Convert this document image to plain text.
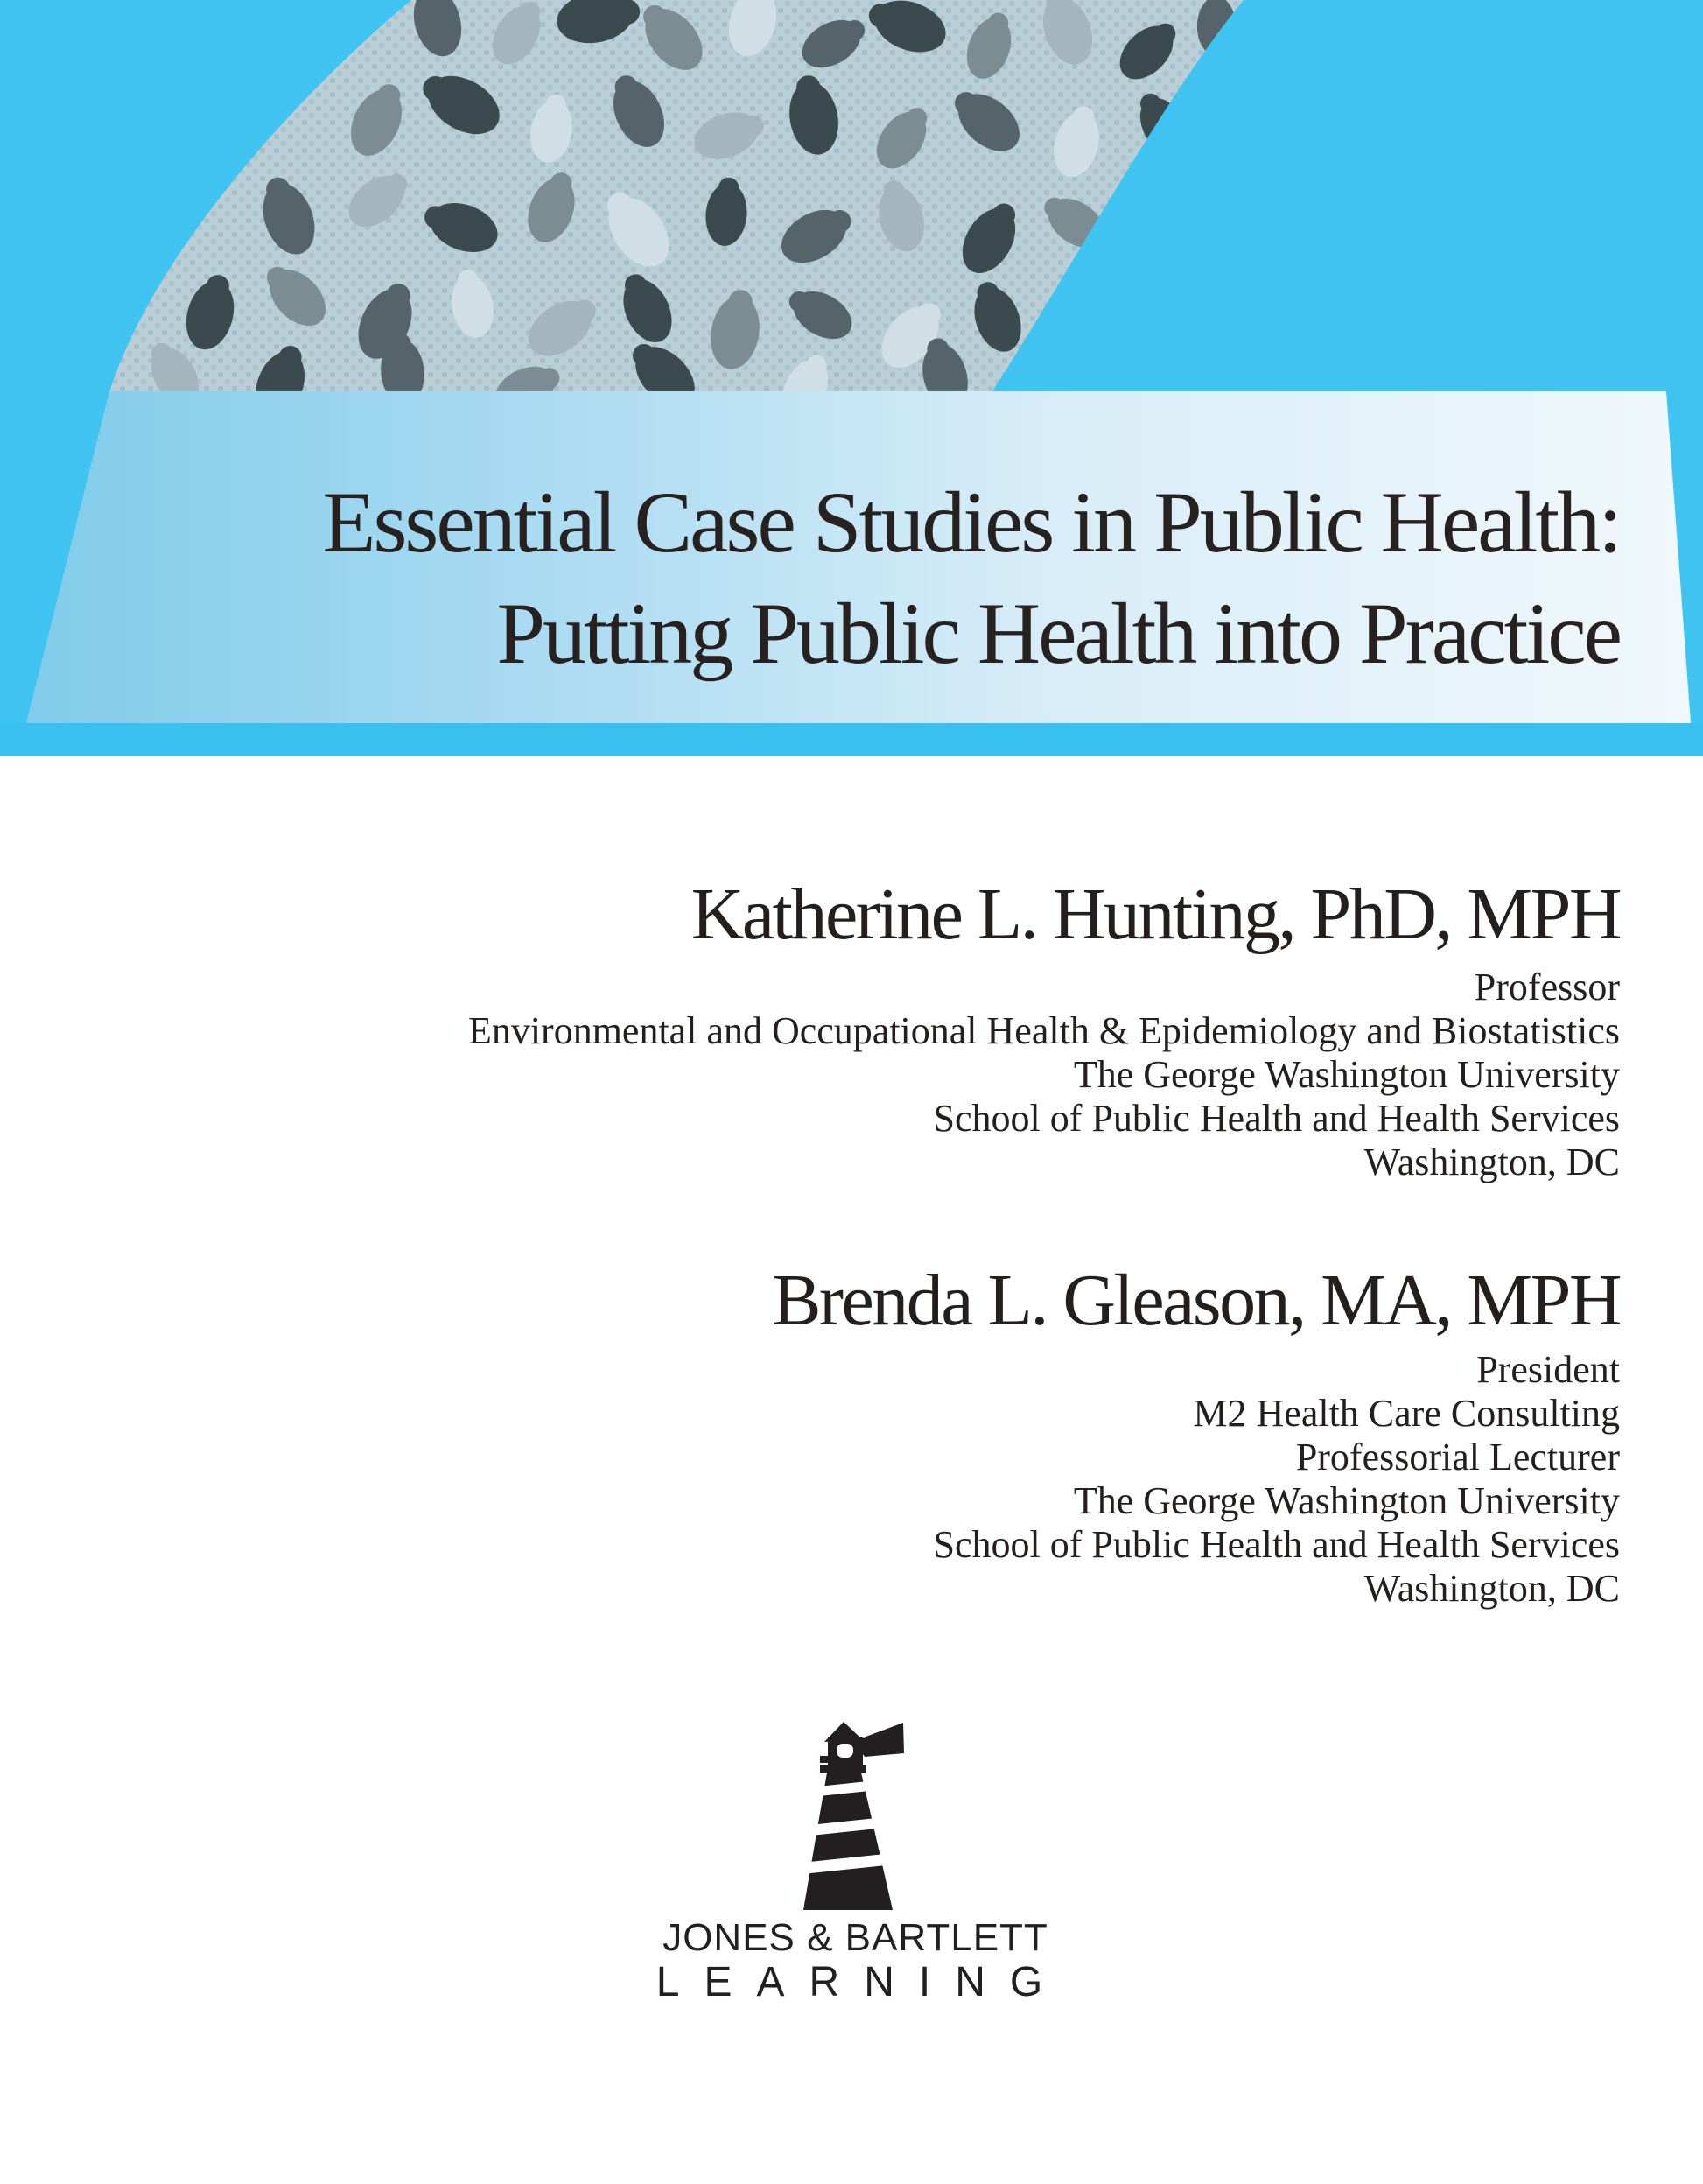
Essential Case Studies in Public Health:
Putting Public Health into Practice
Katherine L. Hunting, PhD, MPH
Professor
Environmental and Occupational Health & Epidemiology and Biostatistics
The George Washington University
School of Public Health and Health Services
Washington, DC
Brenda L. Gleason, MA, MPH
President
M2 Health Care Consulting
Professorial Lecturer
The George Washington University
School of Public Health and Health Services
Washington, DC
JONES & BARTLETT
LEARNING
